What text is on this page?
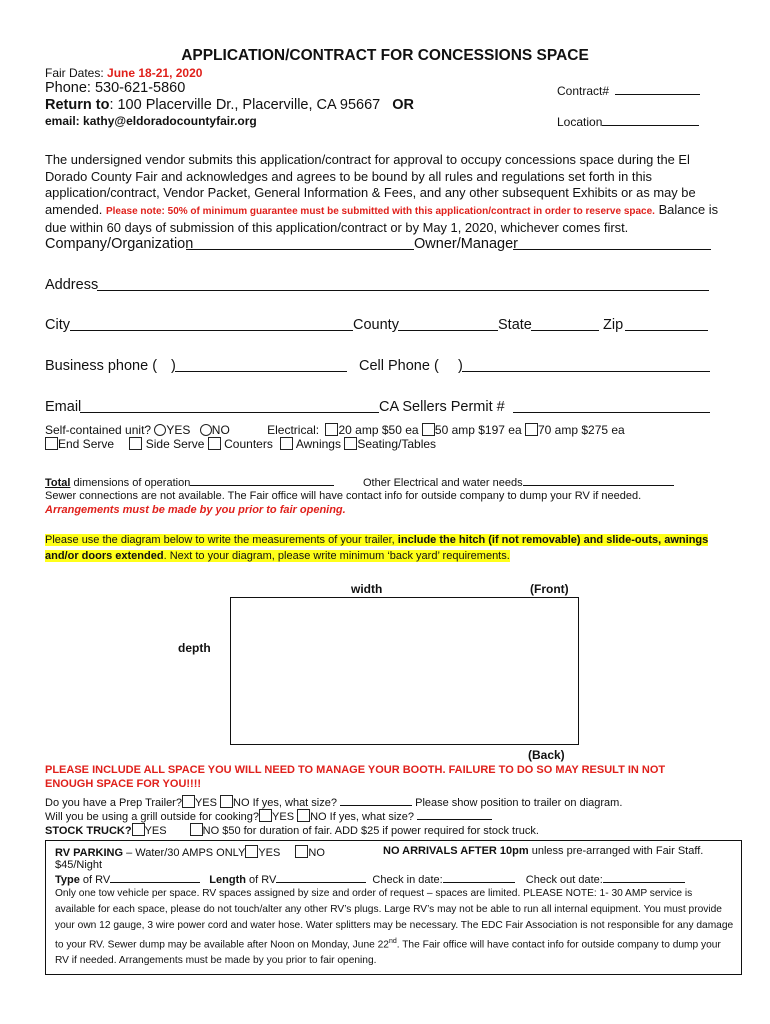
APPLICATION/CONTRACT FOR CONCESSIONS SPACE
Fair Dates: June 18-21, 2020
Phone: 530-621-5860
Return to: 100 Placerville Dr., Placerville, CA 95667 OR
email: kathy@eldoradocountyfair.org
Contract#
Location
The undersigned vendor submits this application/contract for approval to occupy concessions space during the El Dorado County Fair and acknowledges and agrees to be bound by all rules and regulations set forth in this application/contract, Vendor Packet, General Information & Fees, and any other subsequent Exhibits or as may be amended. Please note: 50% of minimum guarantee must be submitted with this application/contract in order to reserve space. Balance is due within 60 days of submission of this application/contract or by May 1, 2020, whichever comes first.
Company/Organization	Owner/Manager
Address
City	County	State	Zip
Business phone ( )	Cell Phone ( )
Email	CA Sellers Permit #
Self-contained unit? YES NO	Electrical: 20 amp $50 ea 50 amp $197 ea 70 amp $275 ea
End Serve	Side Serve Counters Awnings Seating/Tables
Total dimensions of operation	Other Electrical and water needs
Sewer connections are not available. The Fair office will have contact info for outside company to dump your RV if needed.
Arrangements must be made by you prior to fair opening.
Please use the diagram below to write the measurements of your trailer, include the hitch (if not removable) and slide-outs, awnings and/or doors extended. Next to your diagram, please write minimum ‘back yard’ requirements.
width	(Front)
depth
(Back)
PLEASE INCLUDE ALL SPACE YOU WILL NEED TO MANAGE YOUR BOOTH. FAILURE TO DO SO MAY RESULT IN NOT
ENOUGH SPACE FOR YOU!!!!
Do you have a Prep Trailer? YES NO If yes, what size?	Please show position to trailer on diagram.
Will you be using a grill outside for cooking? YES NO If yes, what size?
STOCK TRUCK? YES	NO $50 for duration of fair. ADD $25 if power required for stock truck.
RV PARKING – Water/30 AMPS ONLY YES	NO	NO ARRIVALS AFTER 10pm unless pre-arranged with Fair Staff.
$45/Night
Type of RV	Length of RV	Check in date:	Check out date:
Only one tow vehicle per space. RV spaces assigned by size and order of request – spaces are limited. PLEASE NOTE: 1- 30 AMP service is available for each space, please do not touch/alter any other RV’s plugs. Large RV’s may not be able to run all internal equipment. You must provide your own 12 gauge, 3 wire power cord and water hose. Water splitters may be necessary. The EDC Fair Association is not responsible for any damage to your RV. Sewer dump may be available after Noon on Monday, June 22nd. The Fair office will have contact info for outside company to dump your RV if needed. Arrangements must be made by you prior to fair opening.
